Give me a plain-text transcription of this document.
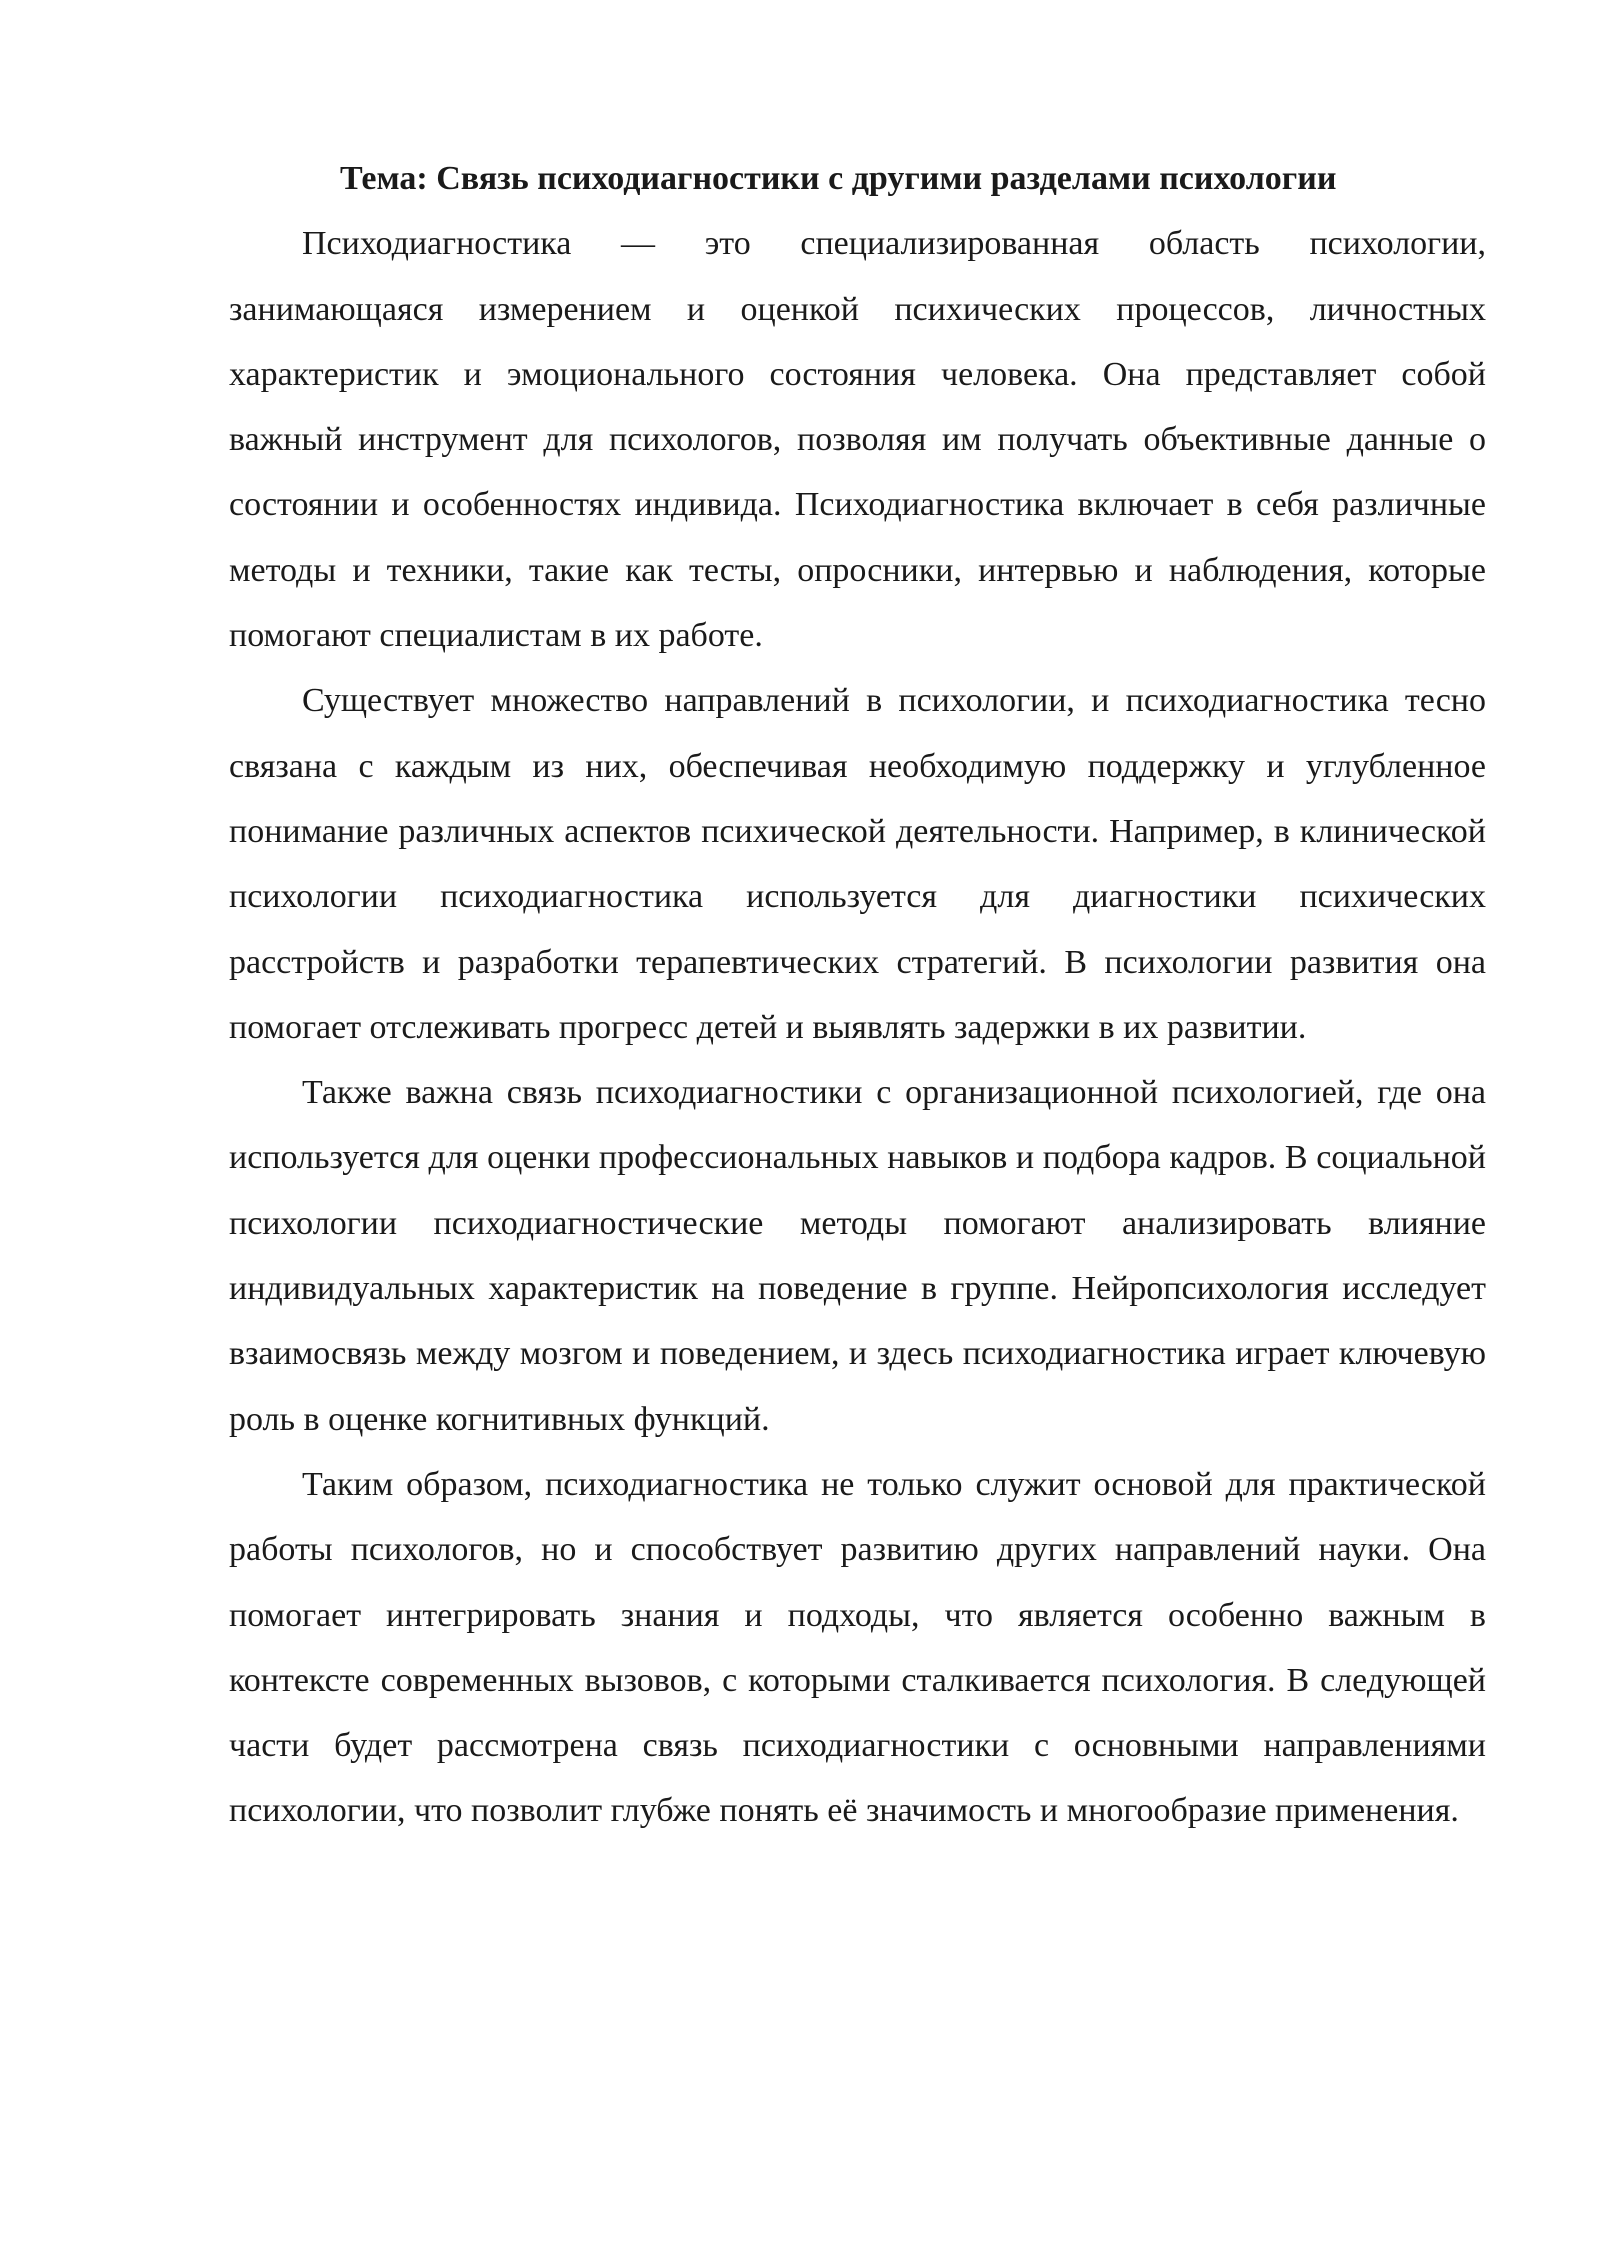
Тема: Связь психодиагностики с другими разделами психологии

Психодиагностика — это специализированная область психологии, занимающаяся измерением и оценкой психических процессов, личностных характеристик и эмоционального состояния человека. Она представляет собой важный инструмент для психологов, позволяя им получать объективные данные о состоянии и особенностях индивида. Психодиагностика включает в себя различные методы и техники, такие как тесты, опросники, интервью и наблюдения, которые помогают специалистам в их работе.

Существует множество направлений в психологии, и психодиагностика тесно связана с каждым из них, обеспечивая необходимую поддержку и углубленное понимание различных аспектов психической деятельности. Например, в клинической психологии психодиагностика используется для диагностики психических расстройств и разработки терапевтических стратегий. В психологии развития она помогает отслеживать прогресс детей и выявлять задержки в их развитии.

Также важна связь психодиагностики с организационной психологией, где она используется для оценки профессиональных навыков и подбора кадров. В социальной психологии психодиагностические методы помогают анализировать влияние индивидуальных характеристик на поведение в группе. Нейропсихология исследует взаимосвязь между мозгом и поведением, и здесь психодиагностика играет ключевую роль в оценке когнитивных функций.

Таким образом, психодиагностика не только служит основой для практической работы психологов, но и способствует развитию других направлений науки. Она помогает интегрировать знания и подходы, что является особенно важным в контексте современных вызовов, с которыми сталкивается психология. В следующей части будет рассмотрена связь психодиагностики с основными направлениями психологии, что позволит глубже понять её значимость и многообразие применения.
